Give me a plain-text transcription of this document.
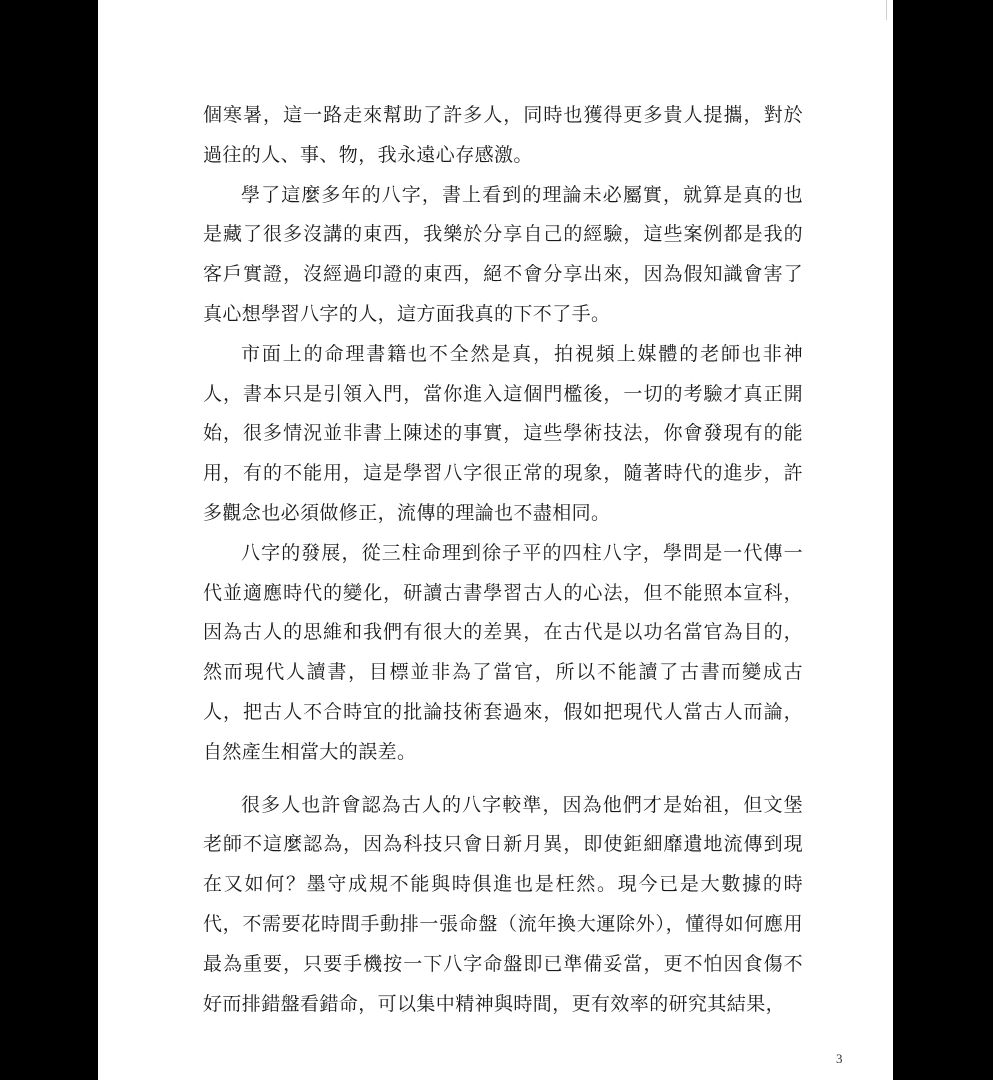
個寒暑，這一路走來幫助了許多人，同時也獲得更多貴人提攜，對於過往的人、事、物，我永遠心存感激。

學了這麼多年的八字，書上看到的理論未必屬實，就算是真的也是藏了很多沒講的東西，我樂於分享自己的經驗，這些案例都是我的客戶實證，沒經過印證的東西，絕不會分享出來，因為假知識會害了真心想學習八字的人，這方面我真的下不了手。

市面上的命理書籍也不全然是真，拍視頻上媒體的老師也非神人，書本只是引領入門，當你進入這個門檻後，一切的考驗才真正開始，很多情況並非書上陳述的事實，這些學術技法，你會發現有的能用，有的不能用，這是學習八字很正常的現象，隨著時代的進步，許多觀念也必須做修正，流傳的理論也不盡相同。

八字的發展，從三柱命理到徐子平的四柱八字，學問是一代傳一代並適應時代的變化，研讀古書學習古人的心法，但不能照本宣科，因為古人的思維和我們有很大的差異，在古代是以功名當官為目的，然而現代人讀書，目標並非為了當官，所以不能讀了古書而變成古人，把古人不合時宜的批論技術套過來，假如把現代人當古人而論，自然產生相當大的誤差。

很多人也許會認為古人的八字較準，因為他們才是始祖，但文堡老師不這麼認為，因為科技只會日新月異，即使鉅細靡遺地流傳到現在又如何？墨守成規不能與時俱進也是枉然。現今已是大數據的時代，不需要花時間手動排一張命盤（流年換大運除外），懂得如何應用最為重要，只要手機按一下八字命盤即已準備妥當，更不怕因食傷不好而排錯盤看錯命，可以集中精神與時間，更有效率的研究其結果，

3
